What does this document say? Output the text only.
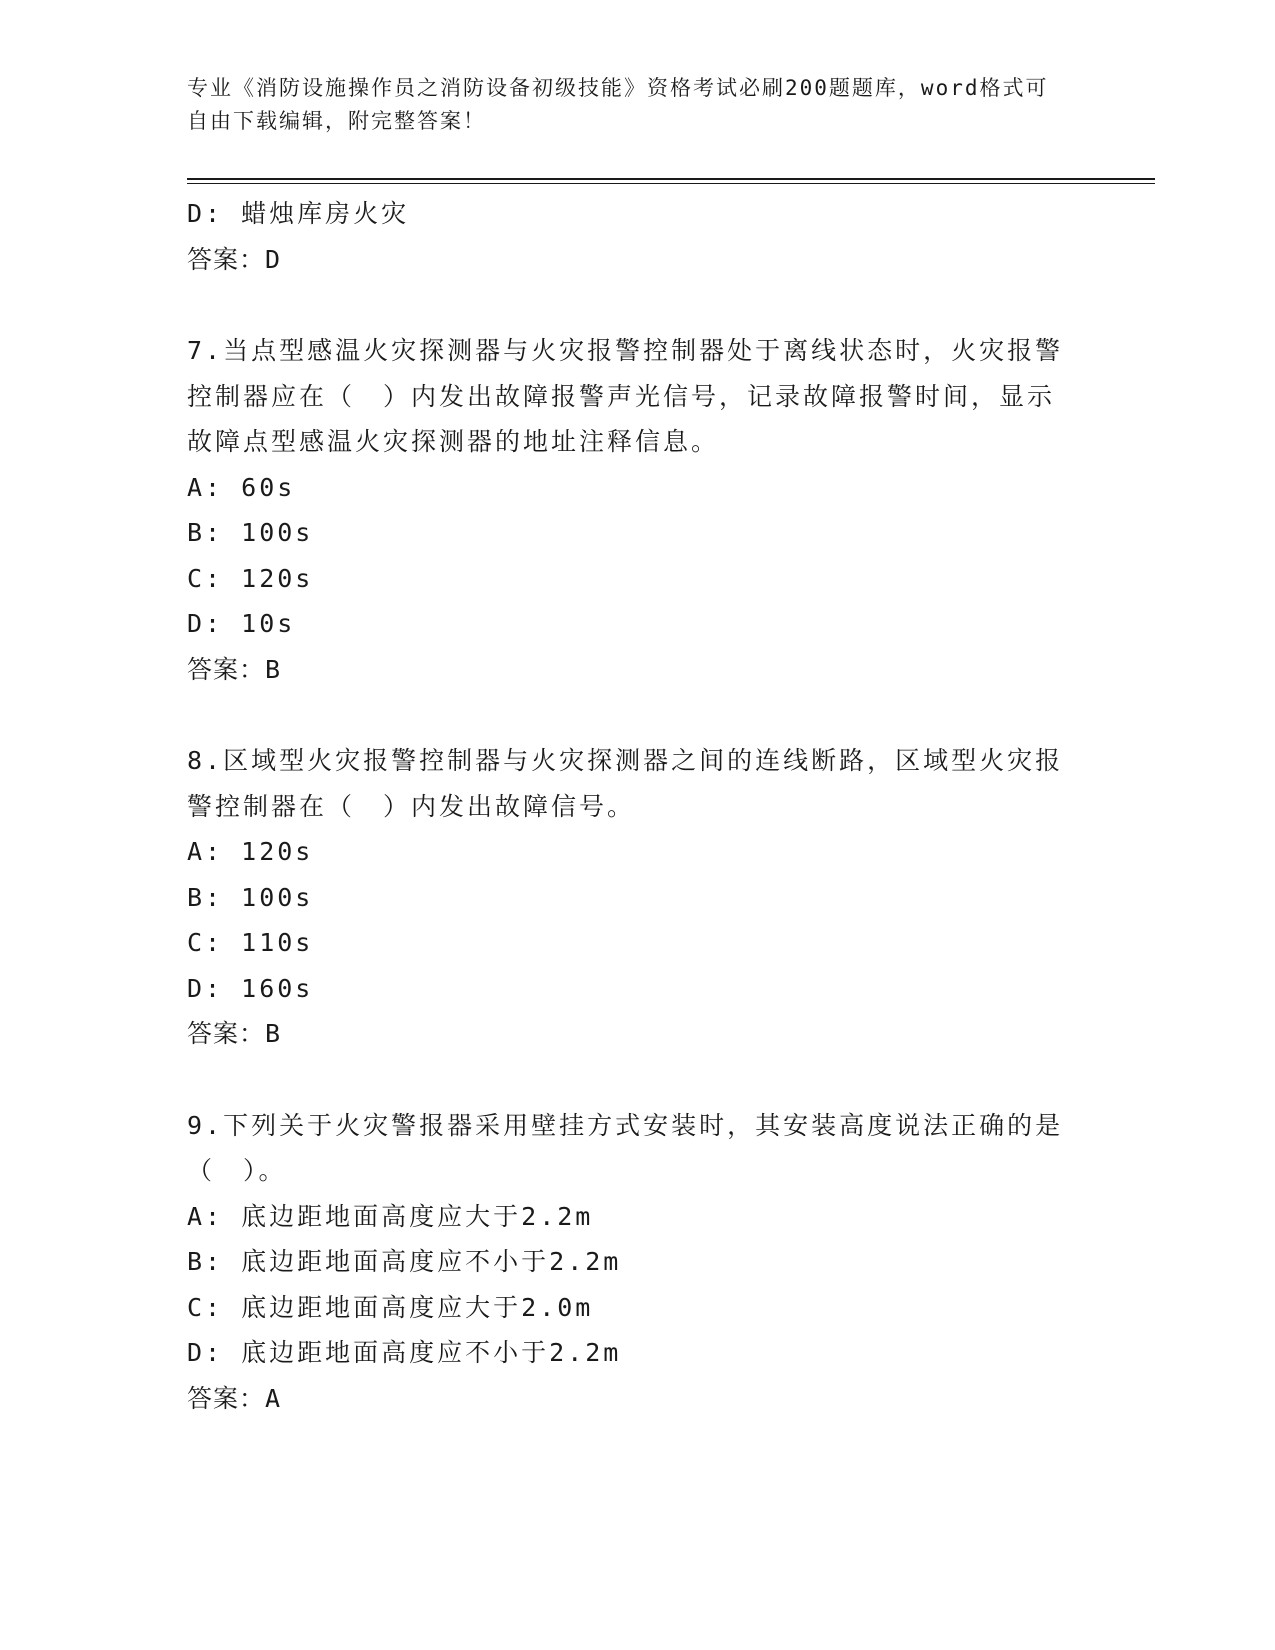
专业《消防设施操作员之消防设备初级技能》资格考试必刷200题题库，word格式可自由下载编辑，附完整答案！
D: 蜡烛库房火灾
答案：D
7.当点型感温火灾探测器与火灾报警控制器处于离线状态时，火灾报警控制器应在（　）内发出故障报警声光信号，记录故障报警时间，显示故障点型感温火灾探测器的地址注释信息。
A: 60s
B: 100s
C: 120s
D: 10s
答案：B
8.区域型火灾报警控制器与火灾探测器之间的连线断路，区域型火灾报警控制器在（　）内发出故障信号。
A: 120s
B: 100s
C: 110s
D: 160s
答案：B
9.下列关于火灾警报器采用壁挂方式安装时，其安装高度说法正确的是（　）。
A: 底边距地面高度应大于2.2m
B: 底边距地面高度应不小于2.2m
C: 底边距地面高度应大于2.0m
D: 底边距地面高度应不小于2.2m
答案：A
